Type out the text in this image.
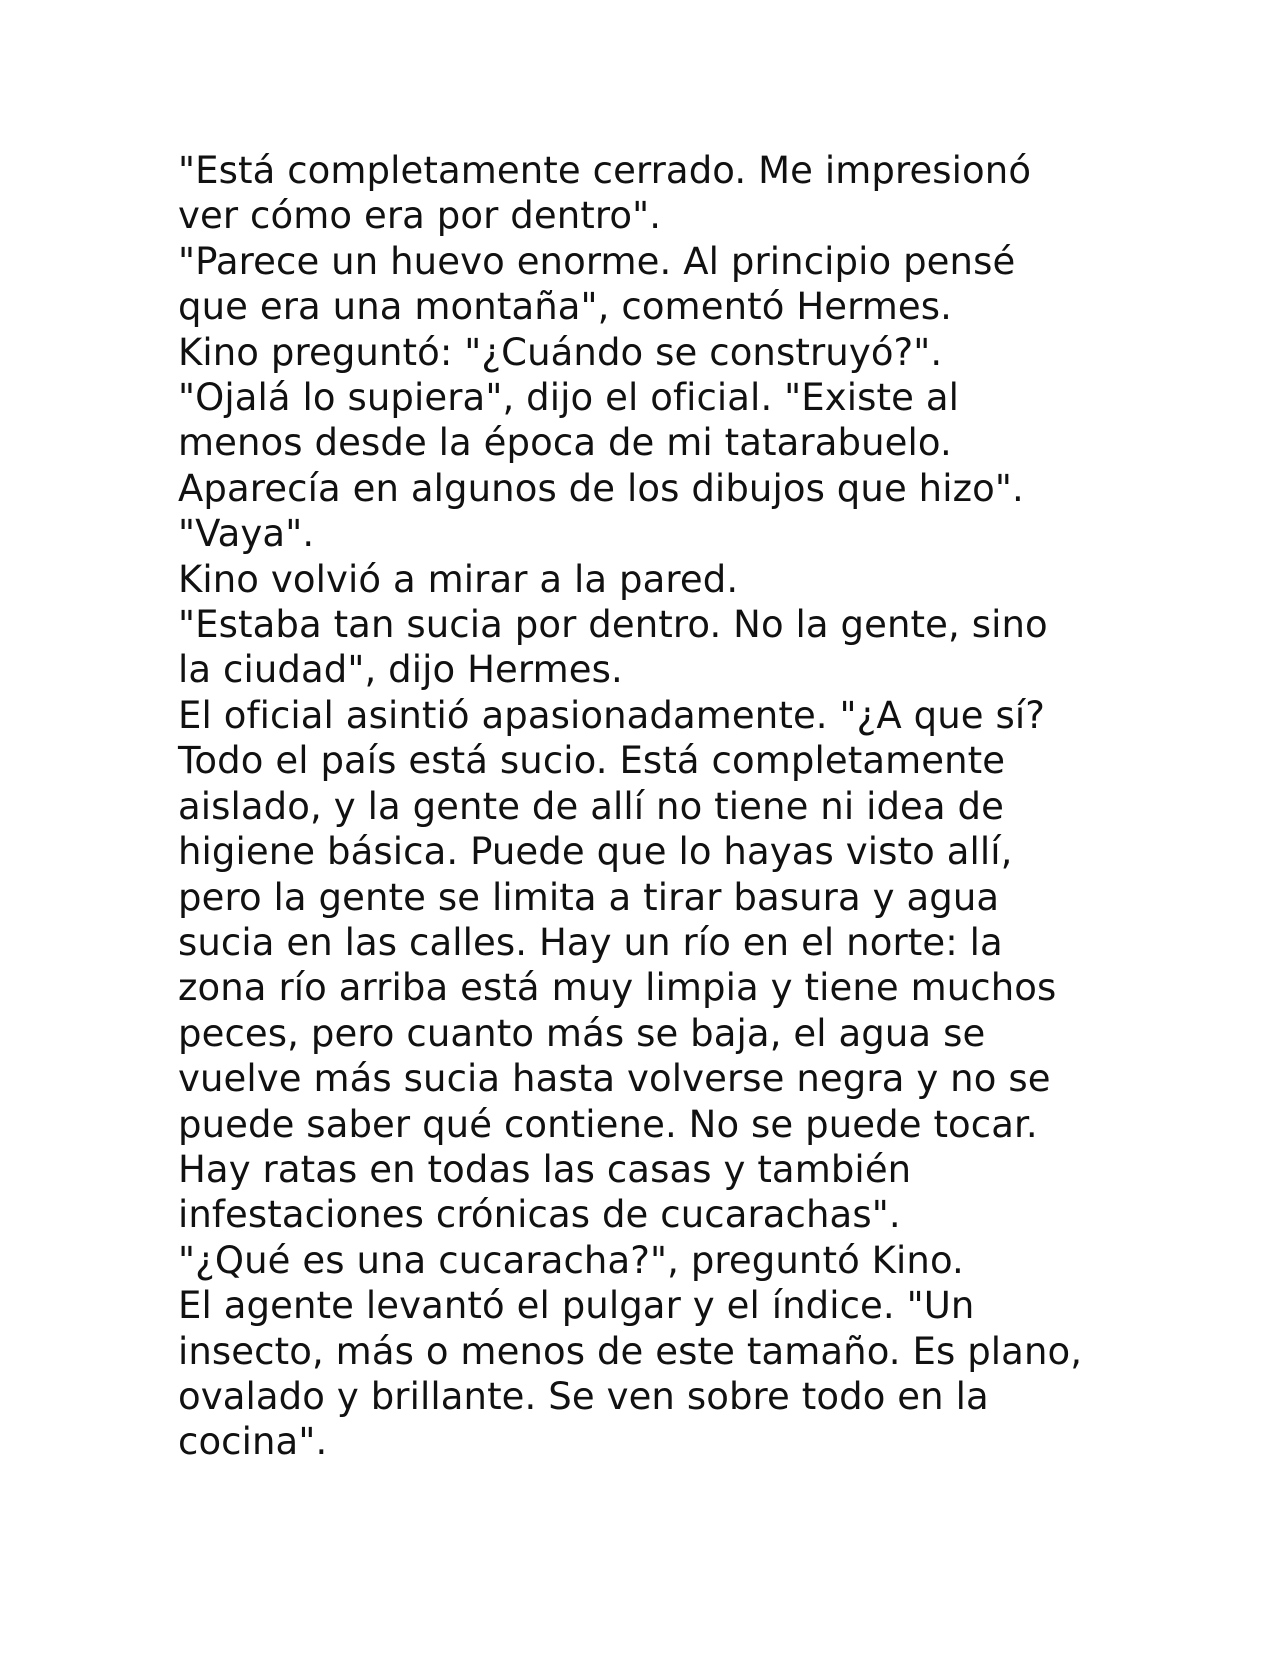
"Está completamente cerrado. Me impresionó
ver cómo era por dentro".
"Parece un huevo enorme. Al principio pensé
que era una montaña", comentó Hermes.
Kino preguntó: "¿Cuándo se construyó?".
"Ojalá lo supiera", dijo el oficial. "Existe al
menos desde la época de mi tatarabuelo.
Aparecía en algunos de los dibujos que hizo".
"Vaya".
Kino volvió a mirar a la pared.
"Estaba tan sucia por dentro. No la gente, sino
la ciudad", dijo Hermes.
El oficial asintió apasionadamente. "¿A que sí?
Todo el país está sucio. Está completamente
aislado, y la gente de allí no tiene ni idea de
higiene básica. Puede que lo hayas visto allí,
pero la gente se limita a tirar basura y agua
sucia en las calles. Hay un río en el norte: la
zona río arriba está muy limpia y tiene muchos
peces, pero cuanto más se baja, el agua se
vuelve más sucia hasta volverse negra y no se
puede saber qué contiene. No se puede tocar.
Hay ratas en todas las casas y también
infestaciones crónicas de cucarachas".
"¿Qué es una cucaracha?", preguntó Kino.
El agente levantó el pulgar y el índice. "Un
insecto, más o menos de este tamaño. Es plano,
ovalado y brillante. Se ven sobre todo en la
cocina".
